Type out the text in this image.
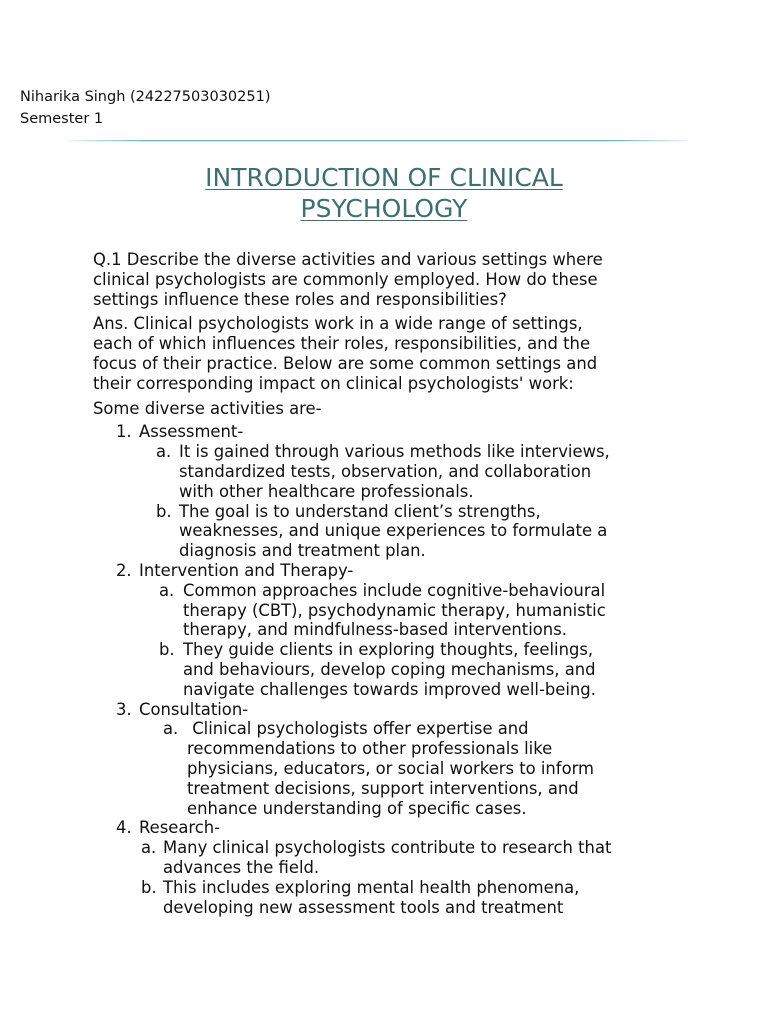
Niharika Singh (24227503030251)
Semester 1
INTRODUCTION OF CLINICAL
PSYCHOLOGY
Q.1 Describe the diverse activities and various settings where
clinical psychologists are commonly employed. How do these
settings influence these roles and responsibilities?
Ans. Clinical psychologists work in a wide range of settings,
each of which influences their roles, responsibilities, and the
focus of their practice. Below are some common settings and
their corresponding impact on clinical psychologists' work:
Some diverse activities are-
1. Assessment-
a. It is gained through various methods like interviews,
standardized tests, observation, and collaboration
with other healthcare professionals.
b. The goal is to understand client’s strengths,
weaknesses, and unique experiences to formulate a
diagnosis and treatment plan.
2. Intervention and Therapy-
a. Common approaches include cognitive-behavioural
therapy (CBT), psychodynamic therapy, humanistic
therapy, and mindfulness-based interventions.
b. They guide clients in exploring thoughts, feelings,
and behaviours, develop coping mechanisms, and
navigate challenges towards improved well-being.
3. Consultation-
a. Clinical psychologists offer expertise and
recommendations to other professionals like
physicians, educators, or social workers to inform
treatment decisions, support interventions, and
enhance understanding of specific cases.
4. Research-
a. Many clinical psychologists contribute to research that
advances the field.
b. This includes exploring mental health phenomena,
developing new assessment tools and treatment
